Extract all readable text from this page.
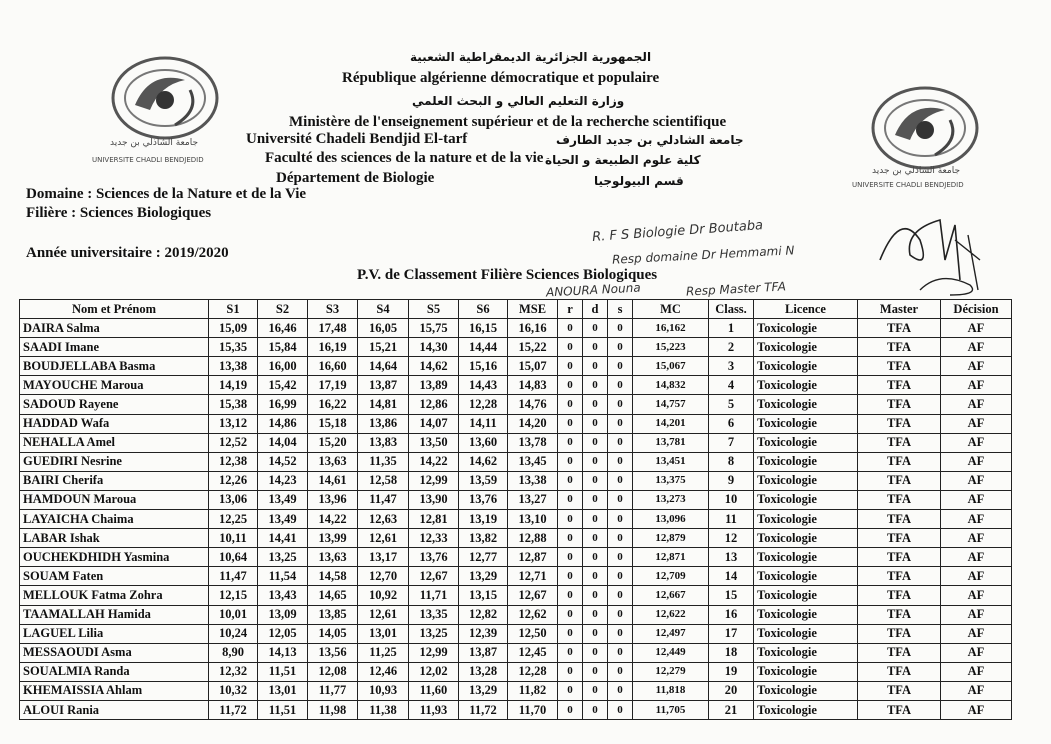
جامعة الشاذلي بن جديد
UNIVERSITE CHADLI BENDJEDID
جامعة الشاذلي بن جديد
UNIVERSITE CHADLI BENDJEDID
الجمهورية الجزائرية الديمقراطية الشعبية
République algérienne démocratique et populaire
وزارة التعليم العالي و البحث العلمي
Ministère de l'enseignement supérieur et de la recherche scientifique
Université Chadeli Bendjid El-tarf	جامعة الشادلي بن جديد الطارف
Faculté des sciences de la nature et de la vie كلية علوم الطبيعة و الحياة
Département de Biologie	قسم البيولوجيا
Domaine : Sciences de la Nature et de la Vie
Filière : Sciences Biologiques
Année universitaire : 2019/2020
P.V. de Classement Filière Sciences Biologiques
R. F S Biologie Dr Boutaba
Resp domaine Dr Hemmami N
ANOURA Nouna	Resp Master TFA
Nom et Prénom	S1	S2	S3	S4	S5	S6	MSE	r	d	s	MC	Class.	Licence	Master	Décision
DAIRA Salma	15,09	16,46	17,48	16,05	15,75	16,15	16,16	0	0	0	16,162	1	Toxicologie	TFA	AF
SAADI Imane	15,35	15,84	16,19	15,21	14,30	14,44	15,22	0	0	0	15,223	2	Toxicologie	TFA	AF
BOUDJELLABA Basma	13,38	16,00	16,60	14,64	14,62	15,16	15,07	0	0	0	15,067	3	Toxicologie	TFA	AF
MAYOUCHE Maroua	14,19	15,42	17,19	13,87	13,89	14,43	14,83	0	0	0	14,832	4	Toxicologie	TFA	AF
SADOUD Rayene	15,38	16,99	16,22	14,81	12,86	12,28	14,76	0	0	0	14,757	5	Toxicologie	TFA	AF
HADDAD Wafa	13,12	14,86	15,18	13,86	14,07	14,11	14,20	0	0	0	14,201	6	Toxicologie	TFA	AF
NEHALLA Amel	12,52	14,04	15,20	13,83	13,50	13,60	13,78	0	0	0	13,781	7	Toxicologie	TFA	AF
GUEDIRI Nesrine	12,38	14,52	13,63	11,35	14,22	14,62	13,45	0	0	0	13,451	8	Toxicologie	TFA	AF
BAIRI Cherifa	12,26	14,23	14,61	12,58	12,99	13,59	13,38	0	0	0	13,375	9	Toxicologie	TFA	AF
HAMDOUN Maroua	13,06	13,49	13,96	11,47	13,90	13,76	13,27	0	0	0	13,273	10	Toxicologie	TFA	AF
LAYAICHA Chaima	12,25	13,49	14,22	12,63	12,81	13,19	13,10	0	0	0	13,096	11	Toxicologie	TFA	AF
LABAR Ishak	10,11	14,41	13,99	12,61	12,33	13,82	12,88	0	0	0	12,879	12	Toxicologie	TFA	AF
OUCHEKDHIDH Yasmina	10,64	13,25	13,63	13,17	13,76	12,77	12,87	0	0	0	12,871	13	Toxicologie	TFA	AF
SOUAM Faten	11,47	11,54	14,58	12,70	12,67	13,29	12,71	0	0	0	12,709	14	Toxicologie	TFA	AF
MELLOUK Fatma Zohra	12,15	13,43	14,65	10,92	11,71	13,15	12,67	0	0	0	12,667	15	Toxicologie	TFA	AF
TAAMALLAH Hamida	10,01	13,09	13,85	12,61	13,35	12,82	12,62	0	0	0	12,622	16	Toxicologie	TFA	AF
LAGUEL Lilia	10,24	12,05	14,05	13,01	13,25	12,39	12,50	0	0	0	12,497	17	Toxicologie	TFA	AF
MESSAOUDI Asma	8,90	14,13	13,56	11,25	12,99	13,87	12,45	0	0	0	12,449	18	Toxicologie	TFA	AF
SOUALMIA Randa	12,32	11,51	12,08	12,46	12,02	13,28	12,28	0	0	0	12,279	19	Toxicologie	TFA	AF
KHEMAISSIA Ahlam	10,32	13,01	11,77	10,93	11,60	13,29	11,82	0	0	0	11,818	20	Toxicologie	TFA	AF
ALOUI Rania	11,72	11,51	11,98	11,38	11,93	11,72	11,70	0	0	0	11,705	21	Toxicologie	TFA	AF
